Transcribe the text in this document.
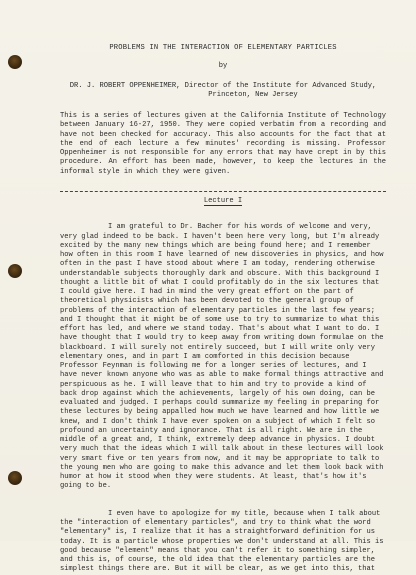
PROBLEMS IN THE INTERACTION OF ELEMENTARY PARTICLES
by
DR. J. ROBERT OPPENHEIMER, Director of the Institute for Advanced Study,
Princeton, New Jersey
This is a series of lectures given at the California Institute of Technology between January 16-27, 1950. They were copied verbatim from a recording and have not been checked for accuracy. This also accounts for the fact that at the end of each lecture a few minutes' recording is missing. Professor Oppenheimer is not responsible for any errors that may have crept in by this procedure. An effort has been made, however, to keep the lectures in the informal style in which they were given.
Lecture I

I am grateful to Dr. Bacher for his words of welcome and very, very glad indeed to be back. I haven't been here very long, but I'm already excited by the many new things which are being found here; and I remember how often in this room I have learned of new discoveries in physics, and how often in the past I have stood about where I am today, rendering otherwise understandable subjects thoroughly dark and obscure. With this background I thought a little bit of what I could profitably do in the six lectures that I could give here. I had in mind the very great effort on the part of theoretical physicists which has been devoted to the general group of problems of the interaction of elementary particles in the last few years; and I thought that it might be of some use to try to summarize to what this effort has led, and where we stand today. That's about what I want to do. I have thought that I would try to keep away from writing down formulae on the blackboard. I will surely not entirely succeed, but I will write only very elementary ones, and in part I am comforted in this decision because Professor Feynman is following me for a longer series of lectures, and I have never known anyone who was as able to make formal things attractive and perspicuous as he. I will leave that to him and try to provide a kind of back drop against which the achievements, largely of his own doing, can be evaluated and judged. I perhaps could summarize my feeling in preparing for these lectures by being appalled how much we have learned and how little we knew, and I don't think I have ever spoken on a subject of which I felt so profound an uncertainty and ignorance. That is all right. We are in the middle of a great and, I think, extremely deep advance in physics. I doubt very much that the ideas which I will talk about in these lectures will look very smart five or ten years from now, and it may be appropriate to talk to the young men who are going to make this advance and let them look back with humor at how it stood when they were students. At least, that's how it's going to be.

I even have to apologize for my title, because when I talk about the "interaction of elementary particles", and try to think what the word "elementary" is, I realize that it has a straightforward definition for us today. It is a particle whose properties we don't understand at all. This is good because "element" means that you can't refer it to something simpler, and this is, of course, the old idea that the elementary particles are the simplest things there are. But it will be clear, as we get into this, that
